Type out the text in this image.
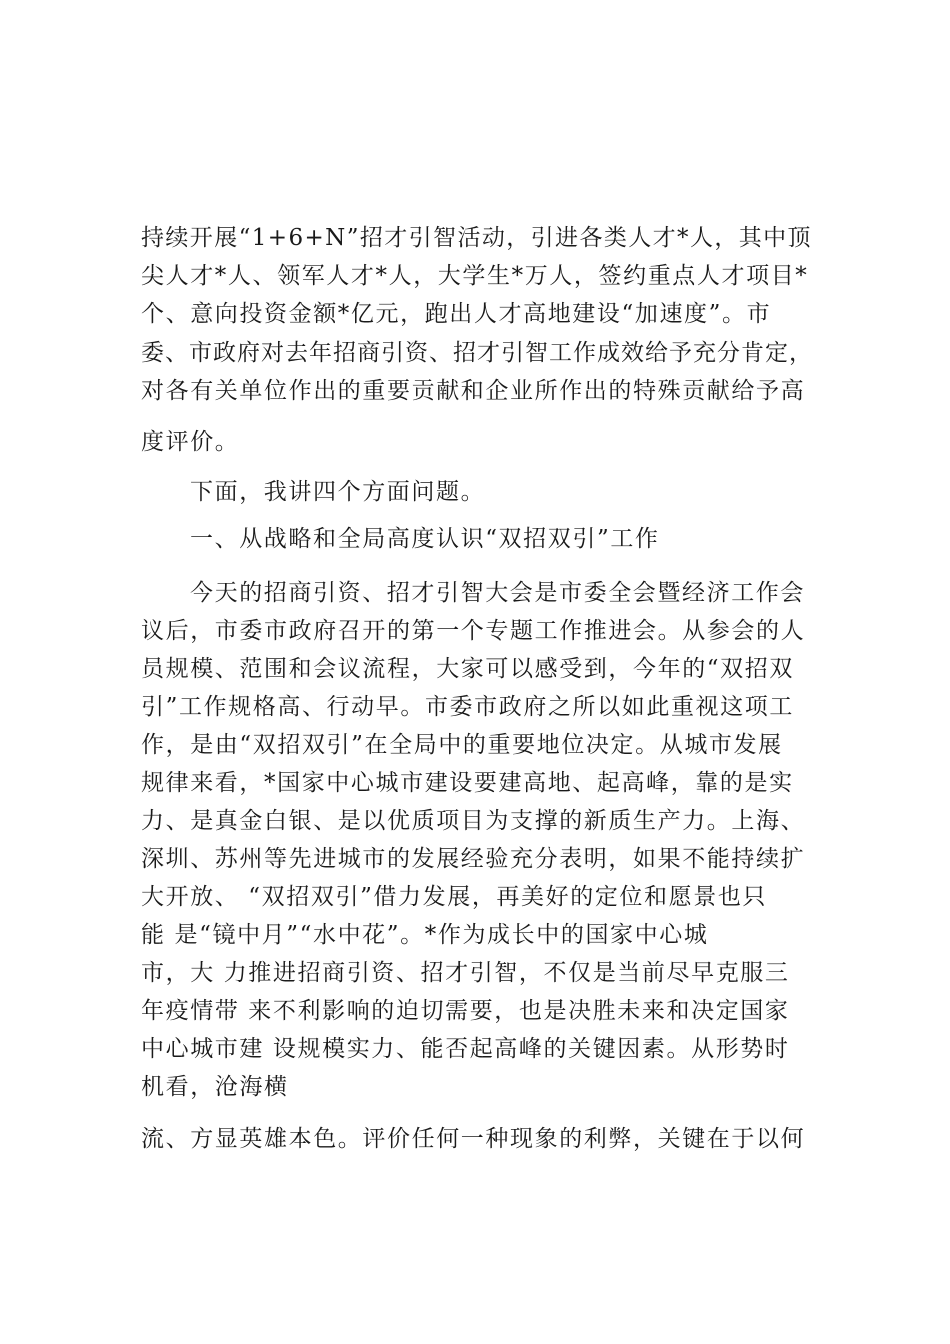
持续开展“1+6+N”招才引智活动，引进各类人才*人，其中顶
尖人才*人、领军人才*人，大学生*万人，签约重点人才项目*
个、意向投资金额*亿元，跑出人才高地建设“加速度”。市
委、市政府对去年招商引资、招才引智工作成效给予充分肯定，
对各有关单位作出的重要贡献和企业所作出的特殊贡献给予高
度评价。
下面，我讲四个方面问题。
一、从战略和全局高度认识“双招双引”工作
今天的招商引资、招才引智大会是市委全会暨经济工作会
议后，市委市政府召开的第一个专题工作推进会。从参会的人
员规模、范围和会议流程，大家可以感受到，今年的“双招双
引”工作规格高、行动早。市委市政府之所以如此重视这项工
作，是由“双招双引”在全局中的重要地位决定。从城市发展
规律来看，*国家中心城市建设要建高地、起高峰，靠的是实
力、是真金白银、是以优质项目为支撑的新质生产力。上海、
深圳、苏州等先进城市的发展经验充分表明，如果不能持续扩
大开放、 “双招双引”借力发展，再美好的定位和愿景也只
能 是“镜中月”“水中花”。*作为成长中的国家中心城
市，大 力推进招商引资、招才引智，不仅是当前尽早克服三
年疫情带 来不利影响的迫切需要，也是决胜未来和决定国家
中心城市建 设规模实力、能否起高峰的关键因素。从形势时
机看，沧海横
流、方显英雄本色。评价任何一种现象的利弊，关键在于以何
